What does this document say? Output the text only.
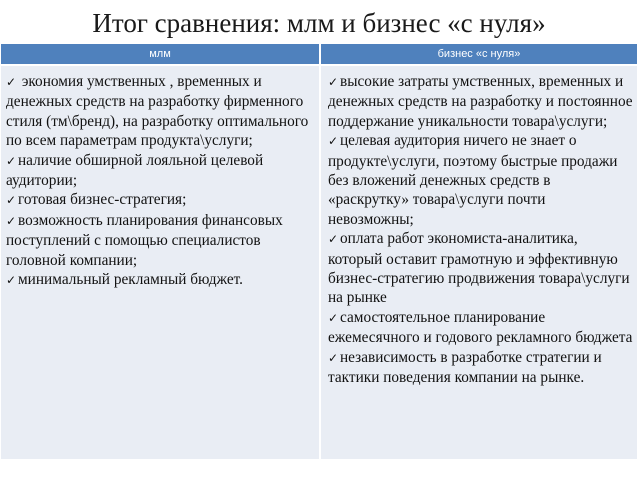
Итог сравнения: млм и бизнес «с нуля»
млм	бизнес «с нуля»

✓ экономия умственных , временных и денежных средств на разработку фирменного стиля (тм\бренд), на разработку оптимального по всем параметрам продукта\услуги;

✓ наличие обширной лояльной целевой аудитории;

✓ готовая бизнес-стратегия;

✓ возможность планирования финансовых поступлений с помощью специалистов головной компании;

✓ минимальный рекламный бюджет.

✓ высокие затраты умственных, временных и денежных средств на разработку и постоянное поддержание уникальности товара\услуги;

✓ целевая аудитория ничего не знает о продукте\услуги, поэтому быстрые продажи без вложений денежных средств в «раскрутку» товара\услуги почти невозможны;

✓ оплата работ экономиста-аналитика, который оставит грамотную и эффективную бизнес-стратегию продвижения товара\услуги на рынке

✓ самостоятельное планирование ежемесячного и годового рекламного бюджета

✓ независимость в разработке стратегии и тактики поведения компании на рынке.
